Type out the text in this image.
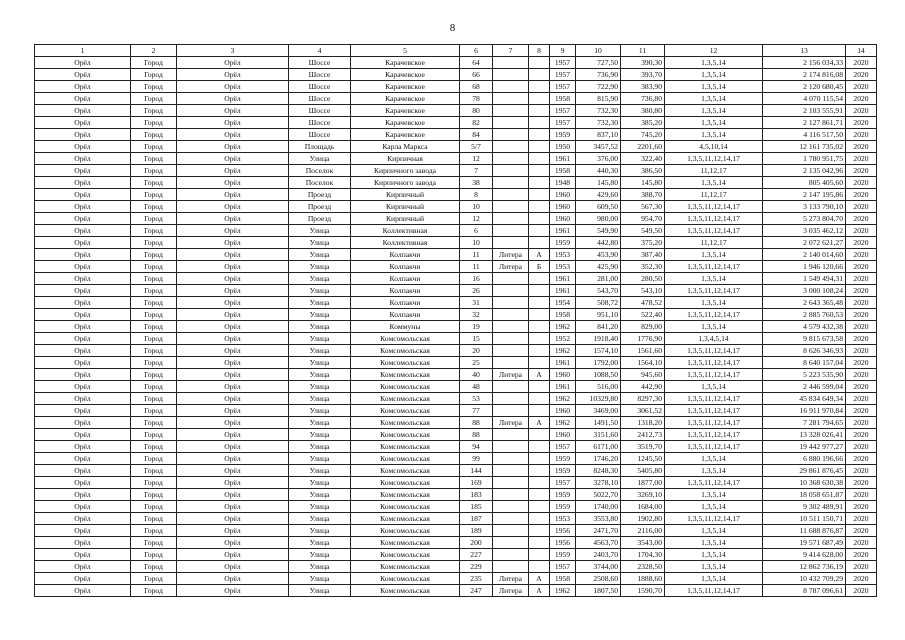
8
1	2	3	4	5	6	7	8	9	10	11	12	13	14
Орёл	Город	Орёл	Шоссе	Карачевское	64			1957	727,50	390,30	1,3,5,14	2 156 034,33	2020
Орёл	Город	Орёл	Шоссе	Карачевское	66			1957	736,90	393,70	1,3,5,14	2 174 816,08	2020
Орёл	Город	Орёл	Шоссе	Карачевское	68			1957	722,90	383,90	1,3,5,14	2 120 680,45	2020
Орёл	Город	Орёл	Шоссе	Карачевское	78			1958	815,90	736,80	1,3,5,14	4 070 115,54	2020
Орёл	Город	Орёл	Шоссе	Карачевское	80			1957	732,30	380,80	1,3,5,14	2 103 555,91	2020
Орёл	Город	Орёл	Шоссе	Карачевское	82			1957	732,30	385,20	1,3,5,14	2 127 861,71	2020
Орёл	Город	Орёл	Шоссе	Карачевское	84			1959	837,10	745,20	1,3,5,14	4 116 517,50	2020
Орёл	Город	Орёл	Площадь	Карла Маркса	5/7			1950	3457,52	2201,60	4,5,10,14	12 161 735,02	2020
Орёл	Город	Орёл	Улица	Кирпичная	12			1961	376,00	322,40	1,3,5,11,12,14,17	1 780 951,75	2020
Орёл	Город	Орёл	Поселок	Кирпичного завода	7			1958	440,30	386,50	11,12,17	2 135 042,96	2020
Орёл	Город	Орёл	Поселок	Кирпичного завода	38			1948	145,80	145,80	1,3,5,14	805 405,60	2020
Орёл	Город	Орёл	Проезд	Кирпичный	8			1960	429,60	388,70	11,12,17	2 147 195,86	2020
Орёл	Город	Орёл	Проезд	Кирпичный	10			1960	609,50	567,30	1,3,5,11,12,14,17	3 133 790,10	2020
Орёл	Город	Орёл	Проезд	Кирпичный	12			1960	980,00	954,70	1,3,5,11,12,14,17	5 273 804,70	2020
Орёл	Город	Орёл	Улица	Коллективная	6			1961	549,90	549,50	1,3,5,11,12,14,17	3 035 462,12	2020
Орёл	Город	Орёл	Улица	Коллективная	10			1959	442,80	375,20	11,12,17	2 072 621,27	2020
Орёл	Город	Орёл	Улица	Колпакчи	11	Литера	А	1953	453,90	387,40	1,3,5,14	2 140 014,60	2020
Орёл	Город	Орёл	Улица	Колпакчи	11	Литера	Б	1953	425,90	352,30	1,3,5,11,12,14,17	1 946 120,66	2020
Орёл	Город	Орёл	Улица	Колпакчи	16			1961	281,00	280,50	1,3,5,14	1 549 494,31	2020
Орёл	Город	Орёл	Улица	Колпакчи	26			1961	543,70	543,10	1,3,5,11,12,14,17	3 000 108,24	2020
Орёл	Город	Орёл	Улица	Колпакчи	31			1954	508,72	478,52	1,3,5,14	2 643 365,48	2020
Орёл	Город	Орёл	Улица	Колпакчи	32			1958	951,10	522,40	1,3,5,11,12,14,17	2 885 760,53	2020
Орёл	Город	Орёл	Улица	Коммуны	19			1962	841,20	829,00	1,3,5,14	4 579 432,38	2020
Орёл	Город	Орёл	Улица	Комсомольская	15			1952	1918,40	1776,90	1,3,4,5,14	9 815 673,58	2020
Орёл	Город	Орёл	Улица	Комсомольская	20			1962	1574,10	1561,60	1,3,5,11,12,14,17	8 626 346,93	2020
Орёл	Город	Орёл	Улица	Комсомольская	25			1961	1792,00	1564,10	1,3,5,11,12,14,17	8 640 157,04	2020
Орёл	Город	Орёл	Улица	Комсомольская	40	Литера	А	1960	1088,50	945,60	1,3,5,11,12,14,17	5 223 535,90	2020
Орёл	Город	Орёл	Улица	Комсомольская	48			1961	516,00	442,90	1,3,5,14	2 446 599,04	2020
Орёл	Город	Орёл	Улица	Комсомольская	53			1962	10329,80	8297,30	1,3,5,11,12,14,17	45 834 649,34	2020
Орёл	Город	Орёл	Улица	Комсомольская	77			1960	3469,00	3061,52	1,3,5,11,12,14,17	16 911 970,84	2020
Орёл	Город	Орёл	Улица	Комсомольская	88	Литера	А	1962	1491,50	1318,20	1,3,5,11,12,14,17	7 281 794,65	2020
Орёл	Город	Орёл	Улица	Комсомольская	88			1960	3151,60	2412,73	1,3,5,11,12,14,17	13 328 026,41	2020
Орёл	Город	Орёл	Улица	Комсомольская	94			1957	6171,00	3519,70	1,3,5,11,12,14,17	19 442 977,27	2020
Орёл	Город	Орёл	Улица	Комсомольская	99			1959	1746,20	1245,50	1,3,5,14	6 880 196,66	2020
Орёл	Город	Орёл	Улица	Комсомольская	144			1959	8248,30	5405,80	1,3,5,14	29 861 876,45	2020
Орёл	Город	Орёл	Улица	Комсомольская	169			1957	3278,10	1877,00	1,3,5,11,12,14,17	10 368 630,38	2020
Орёл	Город	Орёл	Улица	Комсомольская	183			1959	5022,70	3269,10	1,3,5,14	18 058 651,87	2020
Орёл	Город	Орёл	Улица	Комсомольская	185			1959	1740,00	1684,00	1,3,5,14	9 302 489,91	2020
Орёл	Город	Орёл	Улица	Комсомольская	187			1953	3553,80	1902,80	1,3,5,11,12,14,17	10 511 150,71	2020
Орёл	Город	Орёл	Улица	Комсомольская	189			1956	2471,70	2116,00	1,3,5,14	11 688 876,87	2020
Орёл	Город	Орёл	Улица	Комсомольская	200			1956	4563,70	3543,00	1,3,5,14	19 571 687,49	2020
Орёл	Город	Орёл	Улица	Комсомольская	227			1959	2403,70	1704,30	1,3,5,14	9 414 628,00	2020
Орёл	Город	Орёл	Улица	Комсомольская	229			1957	3744,00	2328,50	1,3,5,14	12 862 736,19	2020
Орёл	Город	Орёл	Улица	Комсомольская	235	Литера	А	1958	2508,60	1888,60	1,3,5,14	10 432 709,29	2020
Орёл	Город	Орёл	Улица	Комсомольская	247	Литера	А	1962	1807,50	1590,70	1,3,5,11,12,14,17	8 787 096,61	2020
